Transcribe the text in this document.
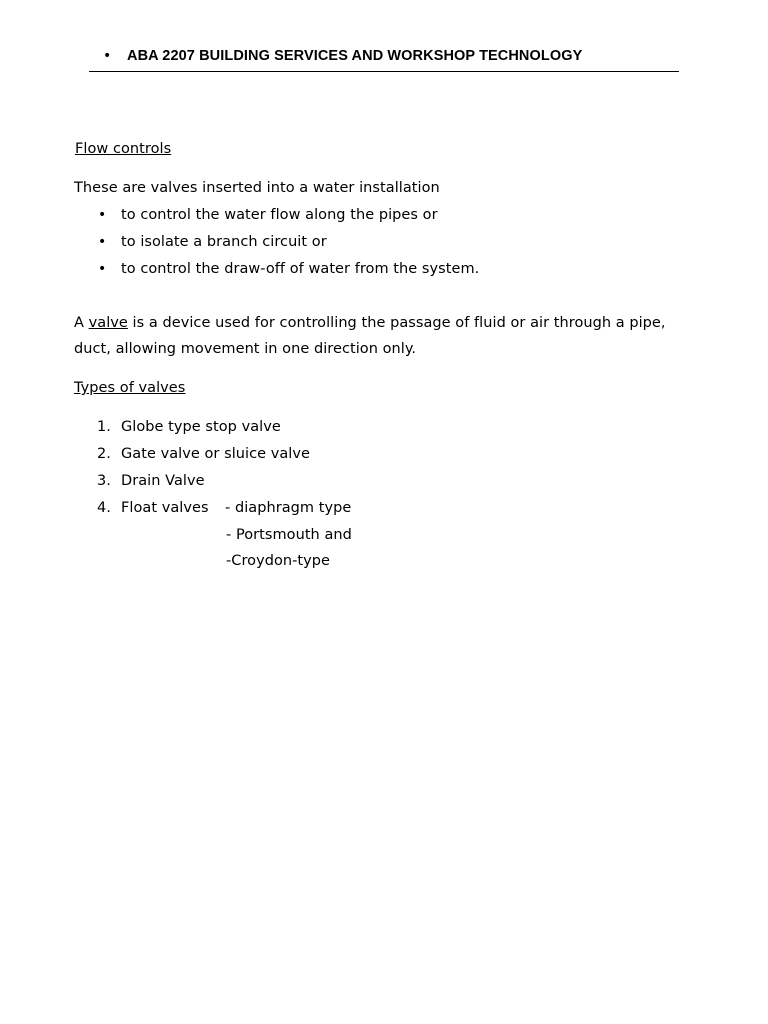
• ABA 2207 BUILDING SERVICES AND WORKSHOP TECHNOLOGY
Flow controls
These are valves inserted into a water installation
• to control the water flow along the pipes or
• to isolate a branch circuit or
• to control the draw-off of water from the system.
A valve is a device used for controlling the passage of fluid or air through a pipe,
duct, allowing movement in one direction only.
Types of valves
1. Globe type stop valve
2. Gate valve or sluice valve
3. Drain Valve
4. Float valves - diaphragm type
- Portsmouth and
-Croydon-type
